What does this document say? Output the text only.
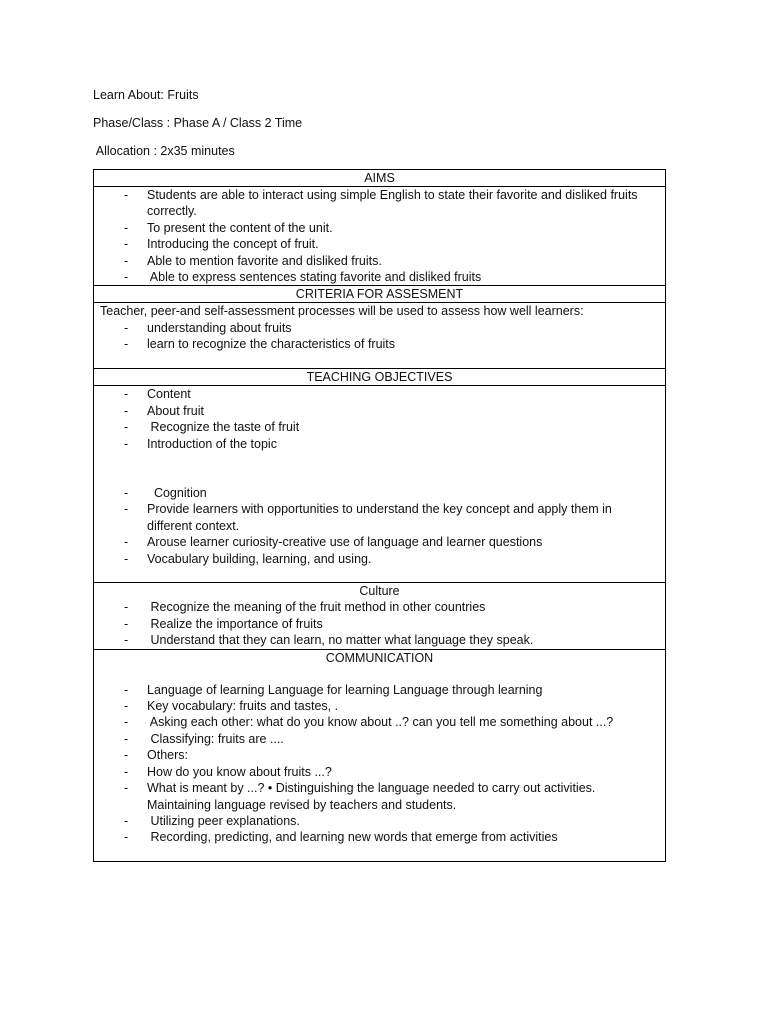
Learn About: Fruits
Phase/Class : Phase A / Class 2 Time
Allocation : 2x35 minutes
AIMS
- Students are able to interact using simple English to state their favorite and disliked fruits correctly.
- To present the content of the unit.
- Introducing the concept of fruit.
- Able to mention favorite and disliked fruits.
-  Able to express sentences stating favorite and disliked fruits
CRITERIA FOR ASSESMENT
Teacher, peer-and self-assessment processes will be used to assess how well learners:
- understanding about fruits
- learn to recognize the characteristics of fruits
TEACHING OBJECTIVES
- Content
- About fruit
-  Recognize the taste of fruit
- Introduction of the topic
-   Cognition
- Provide learners with opportunities to understand the key concept and apply them in different context.
- Arouse learner curiosity-creative use of language and learner questions
- Vocabulary building, learning, and using.
Culture
-  Recognize the meaning of the fruit method in other countries
-  Realize the importance of fruits
-  Understand that they can learn, no matter what language they speak.
COMMUNICATION
- Language of learning Language for learning Language through learning
- Key vocabulary: fruits and tastes, .
-  Asking each other: what do you know about ..? can you tell me something about ...?
-  Classifying: fruits are ....
- Others:
- How do you know about fruits ...?
- What is meant by ...? • Distinguishing the language needed to carry out activities. Maintaining language revised by teachers and students.
-  Utilizing peer explanations.
-  Recording, predicting, and learning new words that emerge from activities
